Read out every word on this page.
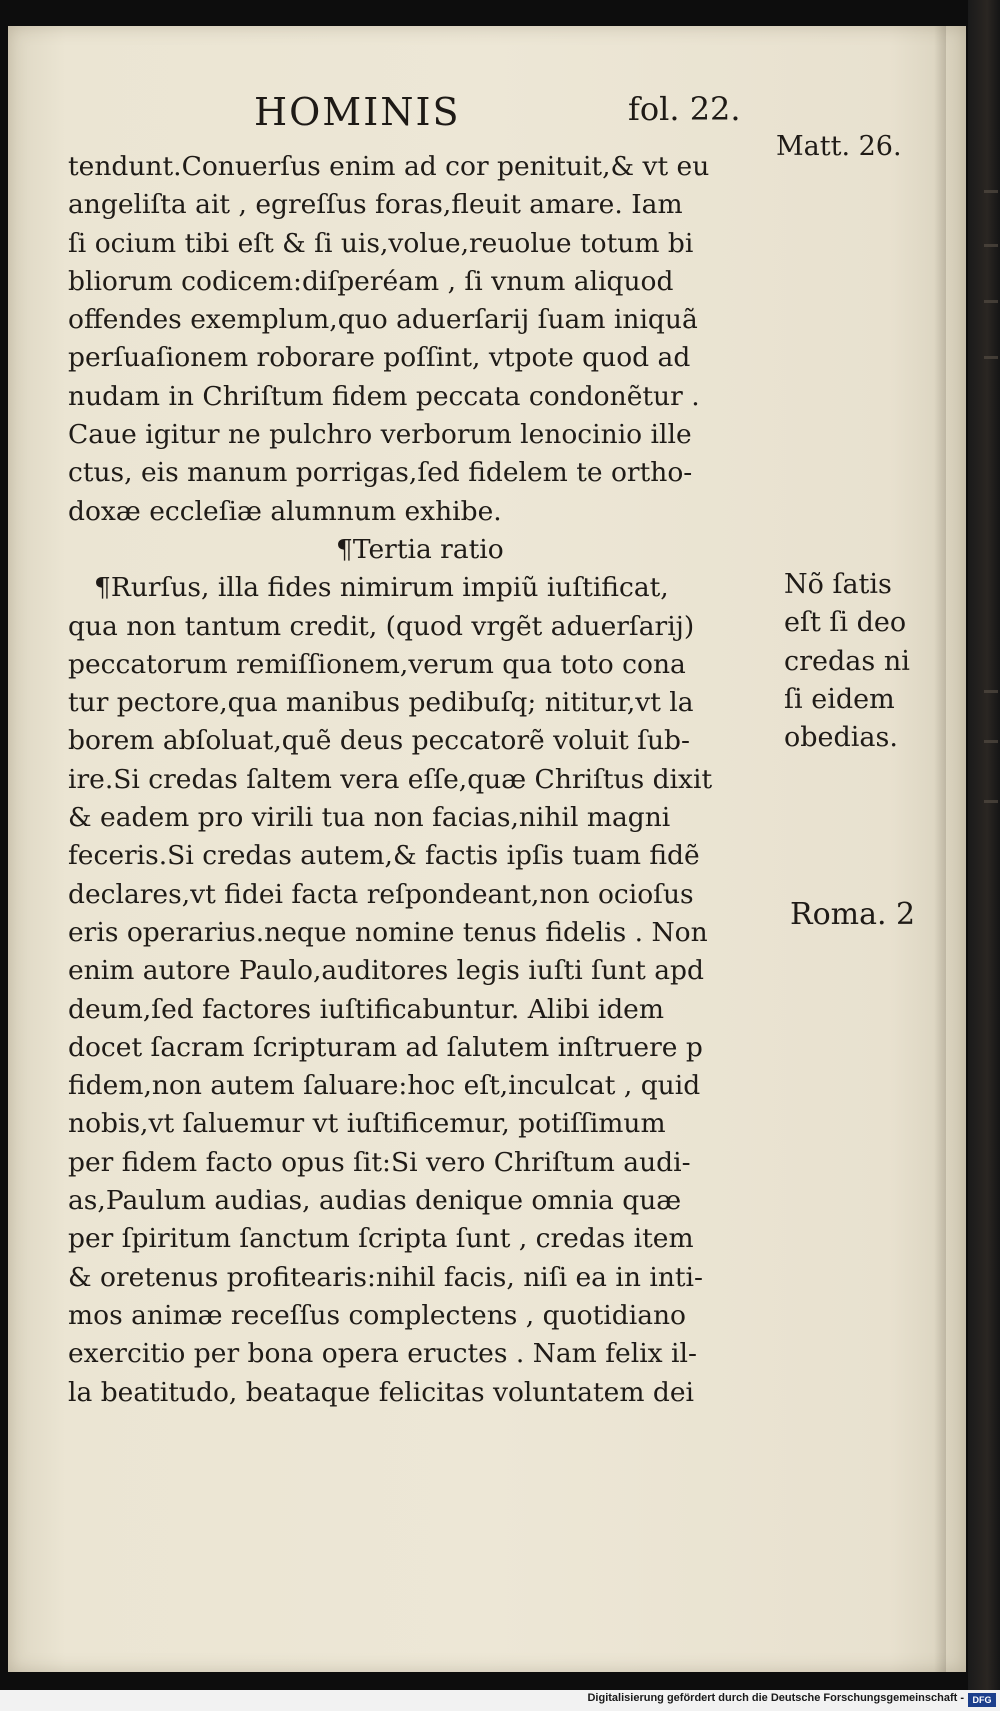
HOMINIS	fol. 22.
tendunt.Conuerſus enim ad cor penituit,& vt eu
angeliſta ait , egreſſus foras,fleuit amare. Iam
ſi ocium tibi eſt & ſi uis,volue,reuolue totum bi
bliorum codicem:diſperéam , ſi vnum aliquod
offendes exemplum,quo aduerſarij ſuam iniquã
perſuaſionem roborare poſſint, vtpote quod ad
nudam in Chriſtum fidem peccata condonẽtur .
Caue igitur ne pulchro verborum lenocinio ille
ctus, eis manum porrigas,ſed fidelem te ortho-
doxæ eccleſiæ alumnum exhibe.
¶Tertia ratio
¶Rurſus, illa fides nimirum impiũ iuſtificat,
qua non tantum credit, (quod vrgẽt aduerſarij)
peccatorum remiſſionem,verum qua toto cona
tur pectore,qua manibus pedibuſq; nititur,vt la
borem abſoluat,quẽ deus peccatorẽ voluit ſub-
ire.Si credas ſaltem vera eſſe,quæ Chriſtus dixit
& eadem pro virili tua non facias,nihil magni
feceris.Si credas autem,& factis ipſis tuam fidẽ
declares,vt fidei facta reſpondeant,non ocioſus
eris operarius.neque nomine tenus fidelis . Non
enim autore Paulo,auditores legis iuſti ſunt apd
deum,ſed factores iuſtificabuntur. Alibi idem
docet ſacram ſcripturam ad ſalutem inſtruere p
fidem,non autem ſaluare:hoc eſt,inculcat , quid
nobis,vt ſaluemur vt iuſtificemur, potiſſimum
per fidem facto opus ſit:Si vero Chriſtum audi-
as,Paulum audias, audias denique omnia quæ
per ſpiritum ſanctum ſcripta ſunt , credas item
& oretenus profitearis:nihil facis, niſi ea in inti-
mos animæ receſſus complectens , quotidiano
exercitio per bona opera eructes . Nam felix il-
la beatitudo, beataque felicitas voluntatem dei
Matt. 26.
Nõ ſatis
eſt ſi deo
credas ni
ſi eidem
obedias.
Roma. 2
Digitalisierung gefördert durch die Deutsche Forschungsgemeinschaft - DFG
